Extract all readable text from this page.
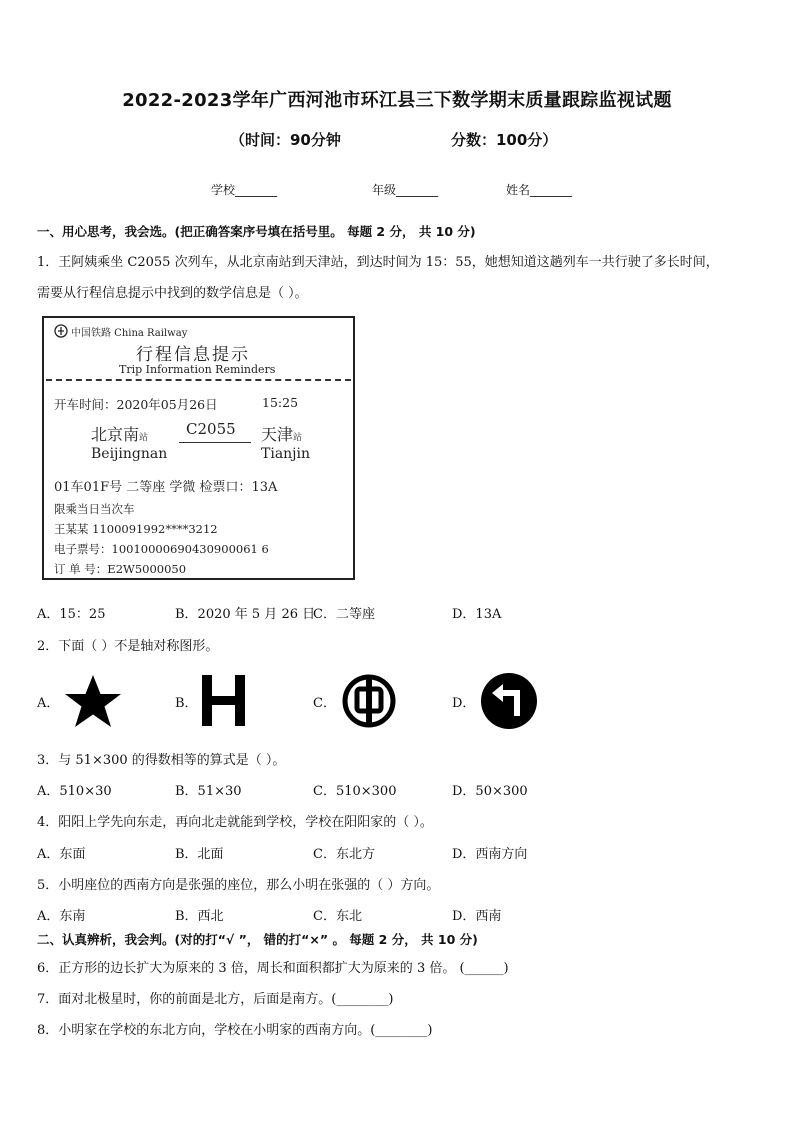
2022-2023学年广西河池市环江县三下数学期末质量跟踪监视试题
（时间：90分钟	分数：100分）
学校_______	年级_______	姓名_______
一、用心思考，我会选。(把正确答案序号填在括号里。 每题 2 分， 共 10 分)
1．王阿姨乘坐 C2055 次列车，从北京南站到天津站，到达时间为 15：55，她想知道这趟列车一共行驶了多长时间，
需要从行程信息提示中找到的数学信息是（ ）。
中国铁路 China Railway
行程信息提示
Trip Information Reminders
开车时间：2020年05月26日	15:25
北京南站	C2055 天津站
Beijingnan	Tianjin
01车01F号 二等座 学微 检票口：13A
限乘当日当次车
王某某 1100091992****3212
电子票号：10010000690430900061 6
订 单 号：E2W5000050
A．15：25	B．2020 年 5 月 26 日
C．二等座	D．13A
2．下面（ ）不是轴对称图形。
A．	B．	C．	D．
3．与 51×300 的得数相等的算式是（ ）。
A．510×30	B．51×30	C．510×300	D．50×300
4．阳阳上学先向东走，再向北走就能到学校，学校在阳阳家的（ ）。
A．东面	B．北面	C．东北方	D．西南方向
5．小明座位的西南方向是张强的座位，那么小明在张强的（ ）方向。
A．东南	B．西北	C．东北	D．西南
二、认真辨析，我会判。(对的打“√ ”， 错的打“×” 。 每题 2 分， 共 10 分)
6．正方形的边长扩大为原来的 3 倍，周长和面积都扩大为原来的 3 倍。 (______)
7．面对北极星时，你的前面是北方，后面是南方。(________)
8．小明家在学校的东北方向，学校在小明家的西南方向。(________)
